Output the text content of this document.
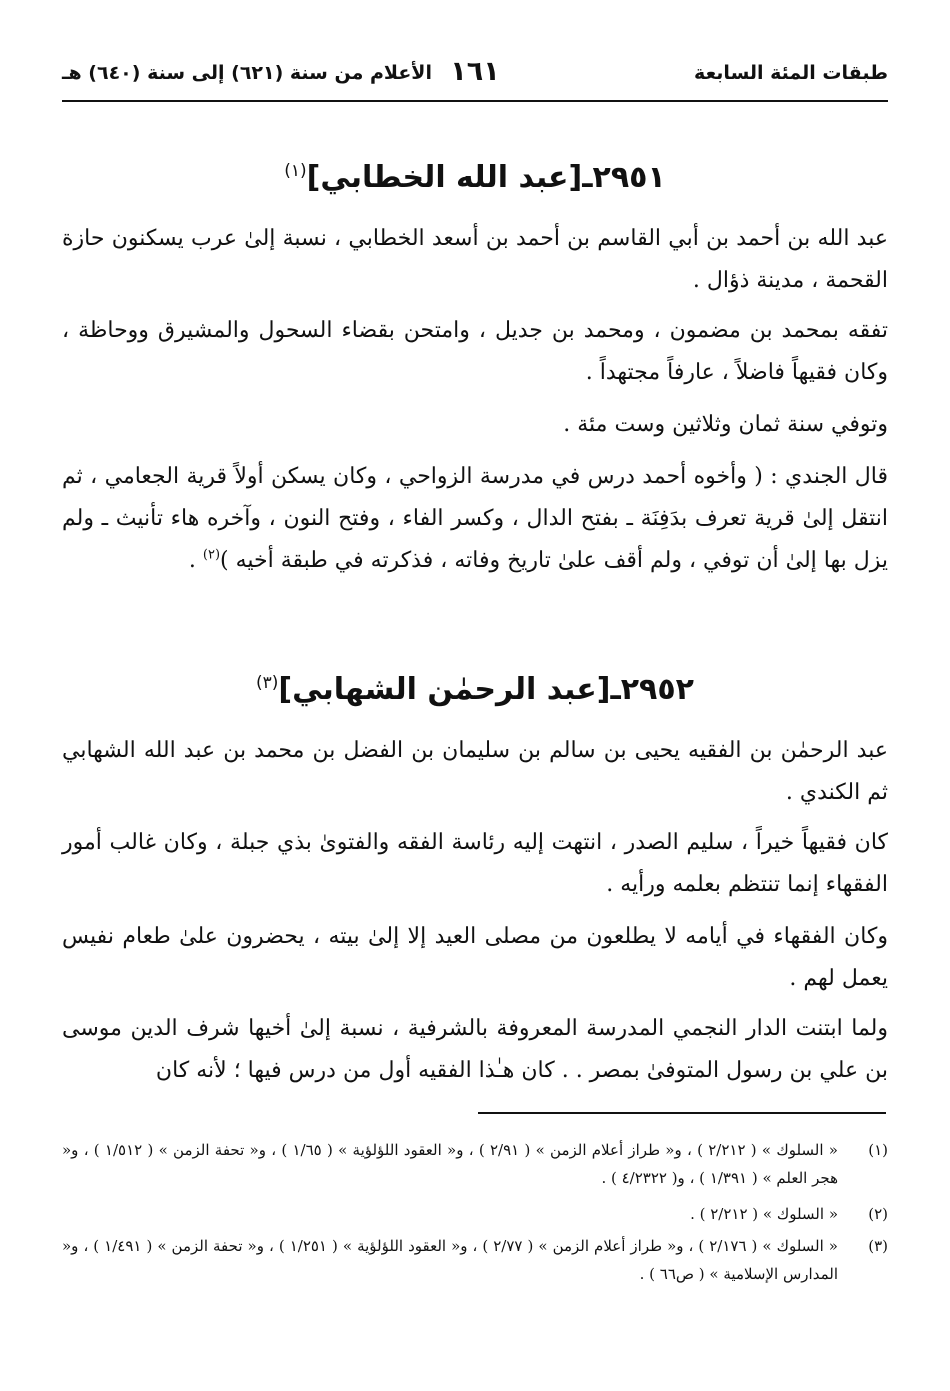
طبقات المئة السابعة
١٦١
الأعلام من سنة (٦٢١) إلى سنة (٦٤٠) هـ
٢٩٥١ـ[عبد الله الخطابي]$^{(١)}$
عبد الله بن أحمد بن أبي القاسم بن أحمد بن أسعد الخطابي ، نسبة إلىٰ عرب يسكنون حازة القحمة ، مدينة ذؤال .
تفقه بمحمد بن مضمون ، ومحمد بن جديل ، وامتحن بقضاء السحول والمشيرق ووحاظة ، وكان فقيهاً فاضلاً ، عارفاً مجتهداً .
وتوفي سنة ثمان وثلاثين وست مئة .
قال الجندي : ( وأخوه أحمد درس في مدرسة الزواحي ، وكان يسكن أولاً قرية الجعامي ، ثم انتقل إلىٰ قرية تعرف بدَفِنَة ـ بفتح الدال ، وكسر الفاء ، وفتح النون ، وآخره هاء تأنيث ـ ولم يزل بها إلىٰ أن توفي ، ولم أقف علىٰ تاريخ وفاته ، فذكرته في طبقة أخيه )$^{(٢)}$ .
٢٩٥٢ـ[عبد الرحمٰن الشهابي]$^{(٣)}$
عبد الرحمٰن بن الفقيه يحيى بن سالم بن سليمان بن الفضل بن محمد بن عبد الله الشهابي ثم الكندي .
كان فقيهاً خيراً ، سليم الصدر ، انتهت إليه رئاسة الفقه والفتوىٰ بذي جبلة ، وكان غالب أمور الفقهاء إنما تنتظم بعلمه ورأيه .
وكان الفقهاء في أيامه لا يطلعون من مصلى العيد إلا إلىٰ بيته ، يحضرون علىٰ طعام نفيس يعمل لهم .
ولما ابتنت الدار النجمي المدرسة المعروفة بالشرفية ، نسبة إلىٰ أخيها شرف الدين موسى بن علي بن رسول المتوفىٰ بمصر . . كان هـٰذا الفقيه أول من درس فيها ؛ لأنه كان
(١)
« السلوك » ( ٢/٢١٢ ) ، و« طراز أعلام الزمن » ( ٢/٩١ ) ، و« العقود اللؤلؤية » ( ١/٦٥ ) ، و« تحفة الزمن » ( ١/٥١٢ ) ، و« هجر العلم » ( ١/٣٩١ ) ، و( ٤/٢٣٢٢ ) .
(٢)
« السلوك » ( ٢/٢١٢ ) .
(٣)
« السلوك » ( ٢/١٧٦ ) ، و« طراز أعلام الزمن » ( ٢/٧٧ ) ، و« العقود اللؤلؤية » ( ١/٢٥١ ) ، و« تحفة الزمن » ( ١/٤٩١ ) ، و« المدارس الإسلامية » ( ص٦٦ ) .
